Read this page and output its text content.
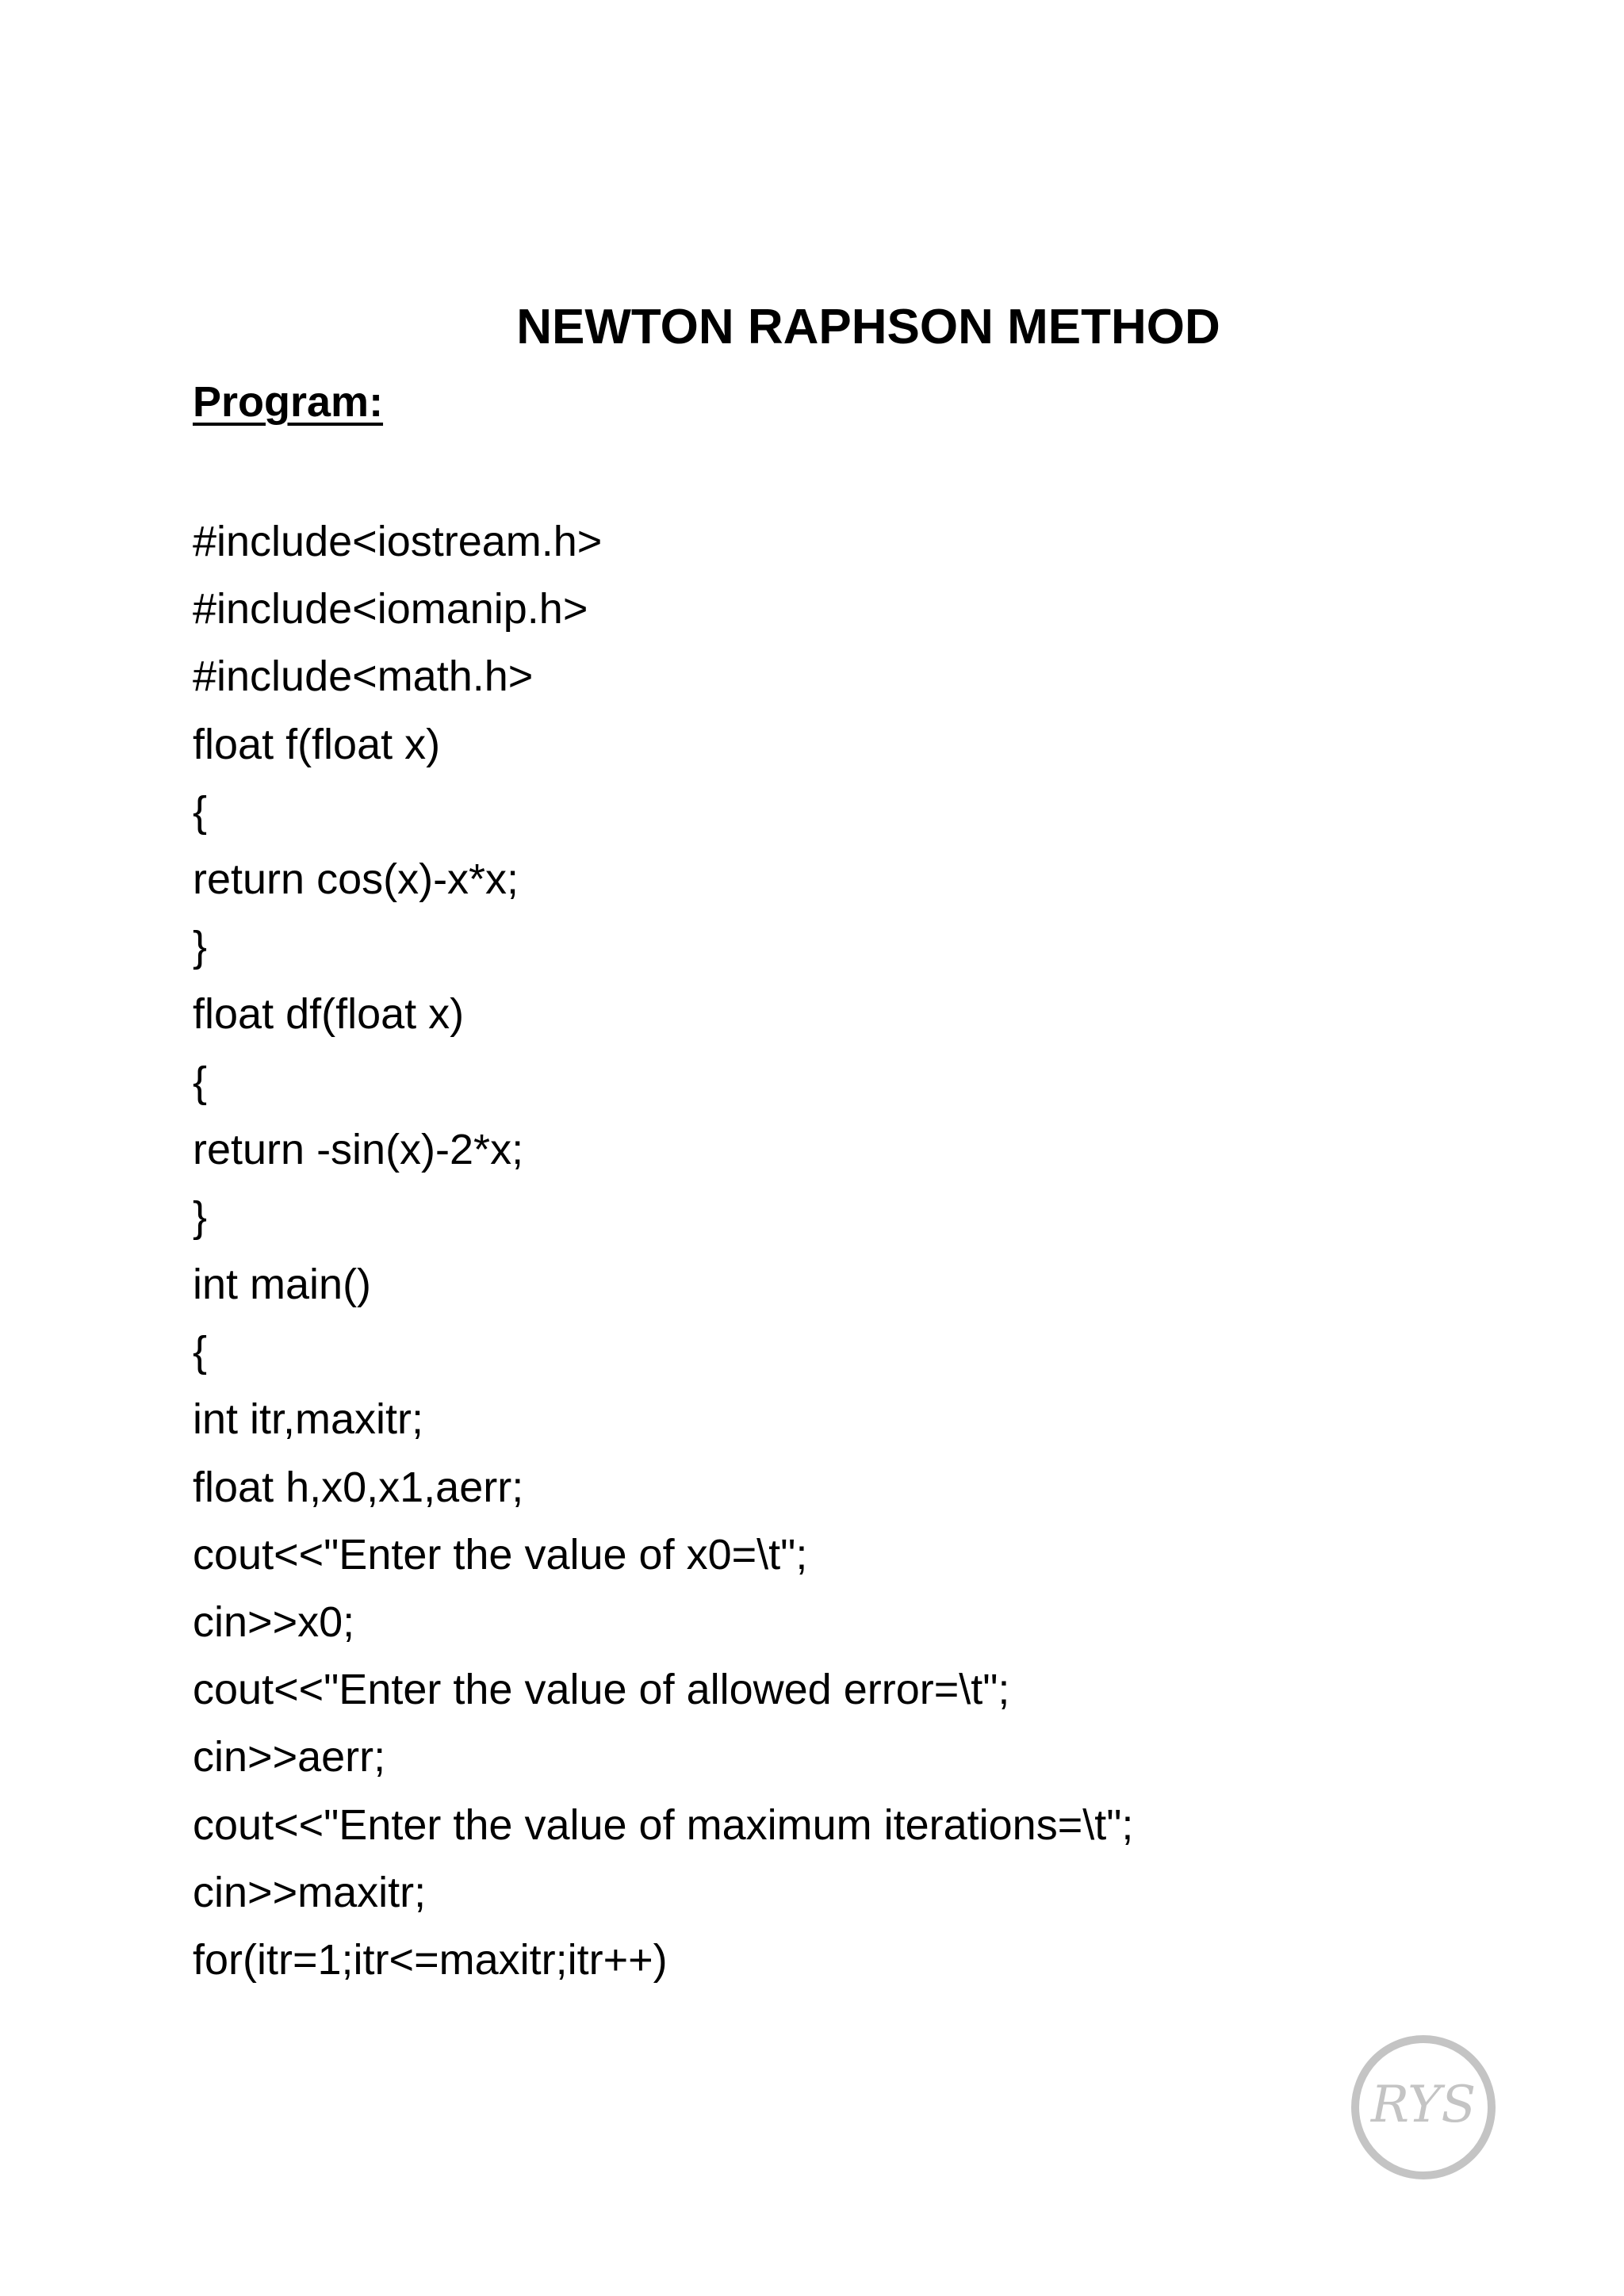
NEWTON RAPHSON METHOD
Program:
#include<iostream.h>
#include<iomanip.h>
#include<math.h>
float f(float x)
{
return cos(x)-x*x;
}
float df(float x)
{
return -sin(x)-2*x;
}
int main()
{
int itr,maxitr;
float h,x0,x1,aerr;
cout<<"Enter the value of x0=\t";
cin>>x0;
cout<<"Enter the value of allowed error=\t";
cin>>aerr;
cout<<"Enter the value of maximum iterations=\t";
cin>>maxitr;
for(itr=1;itr<=maxitr;itr++)
RYS
